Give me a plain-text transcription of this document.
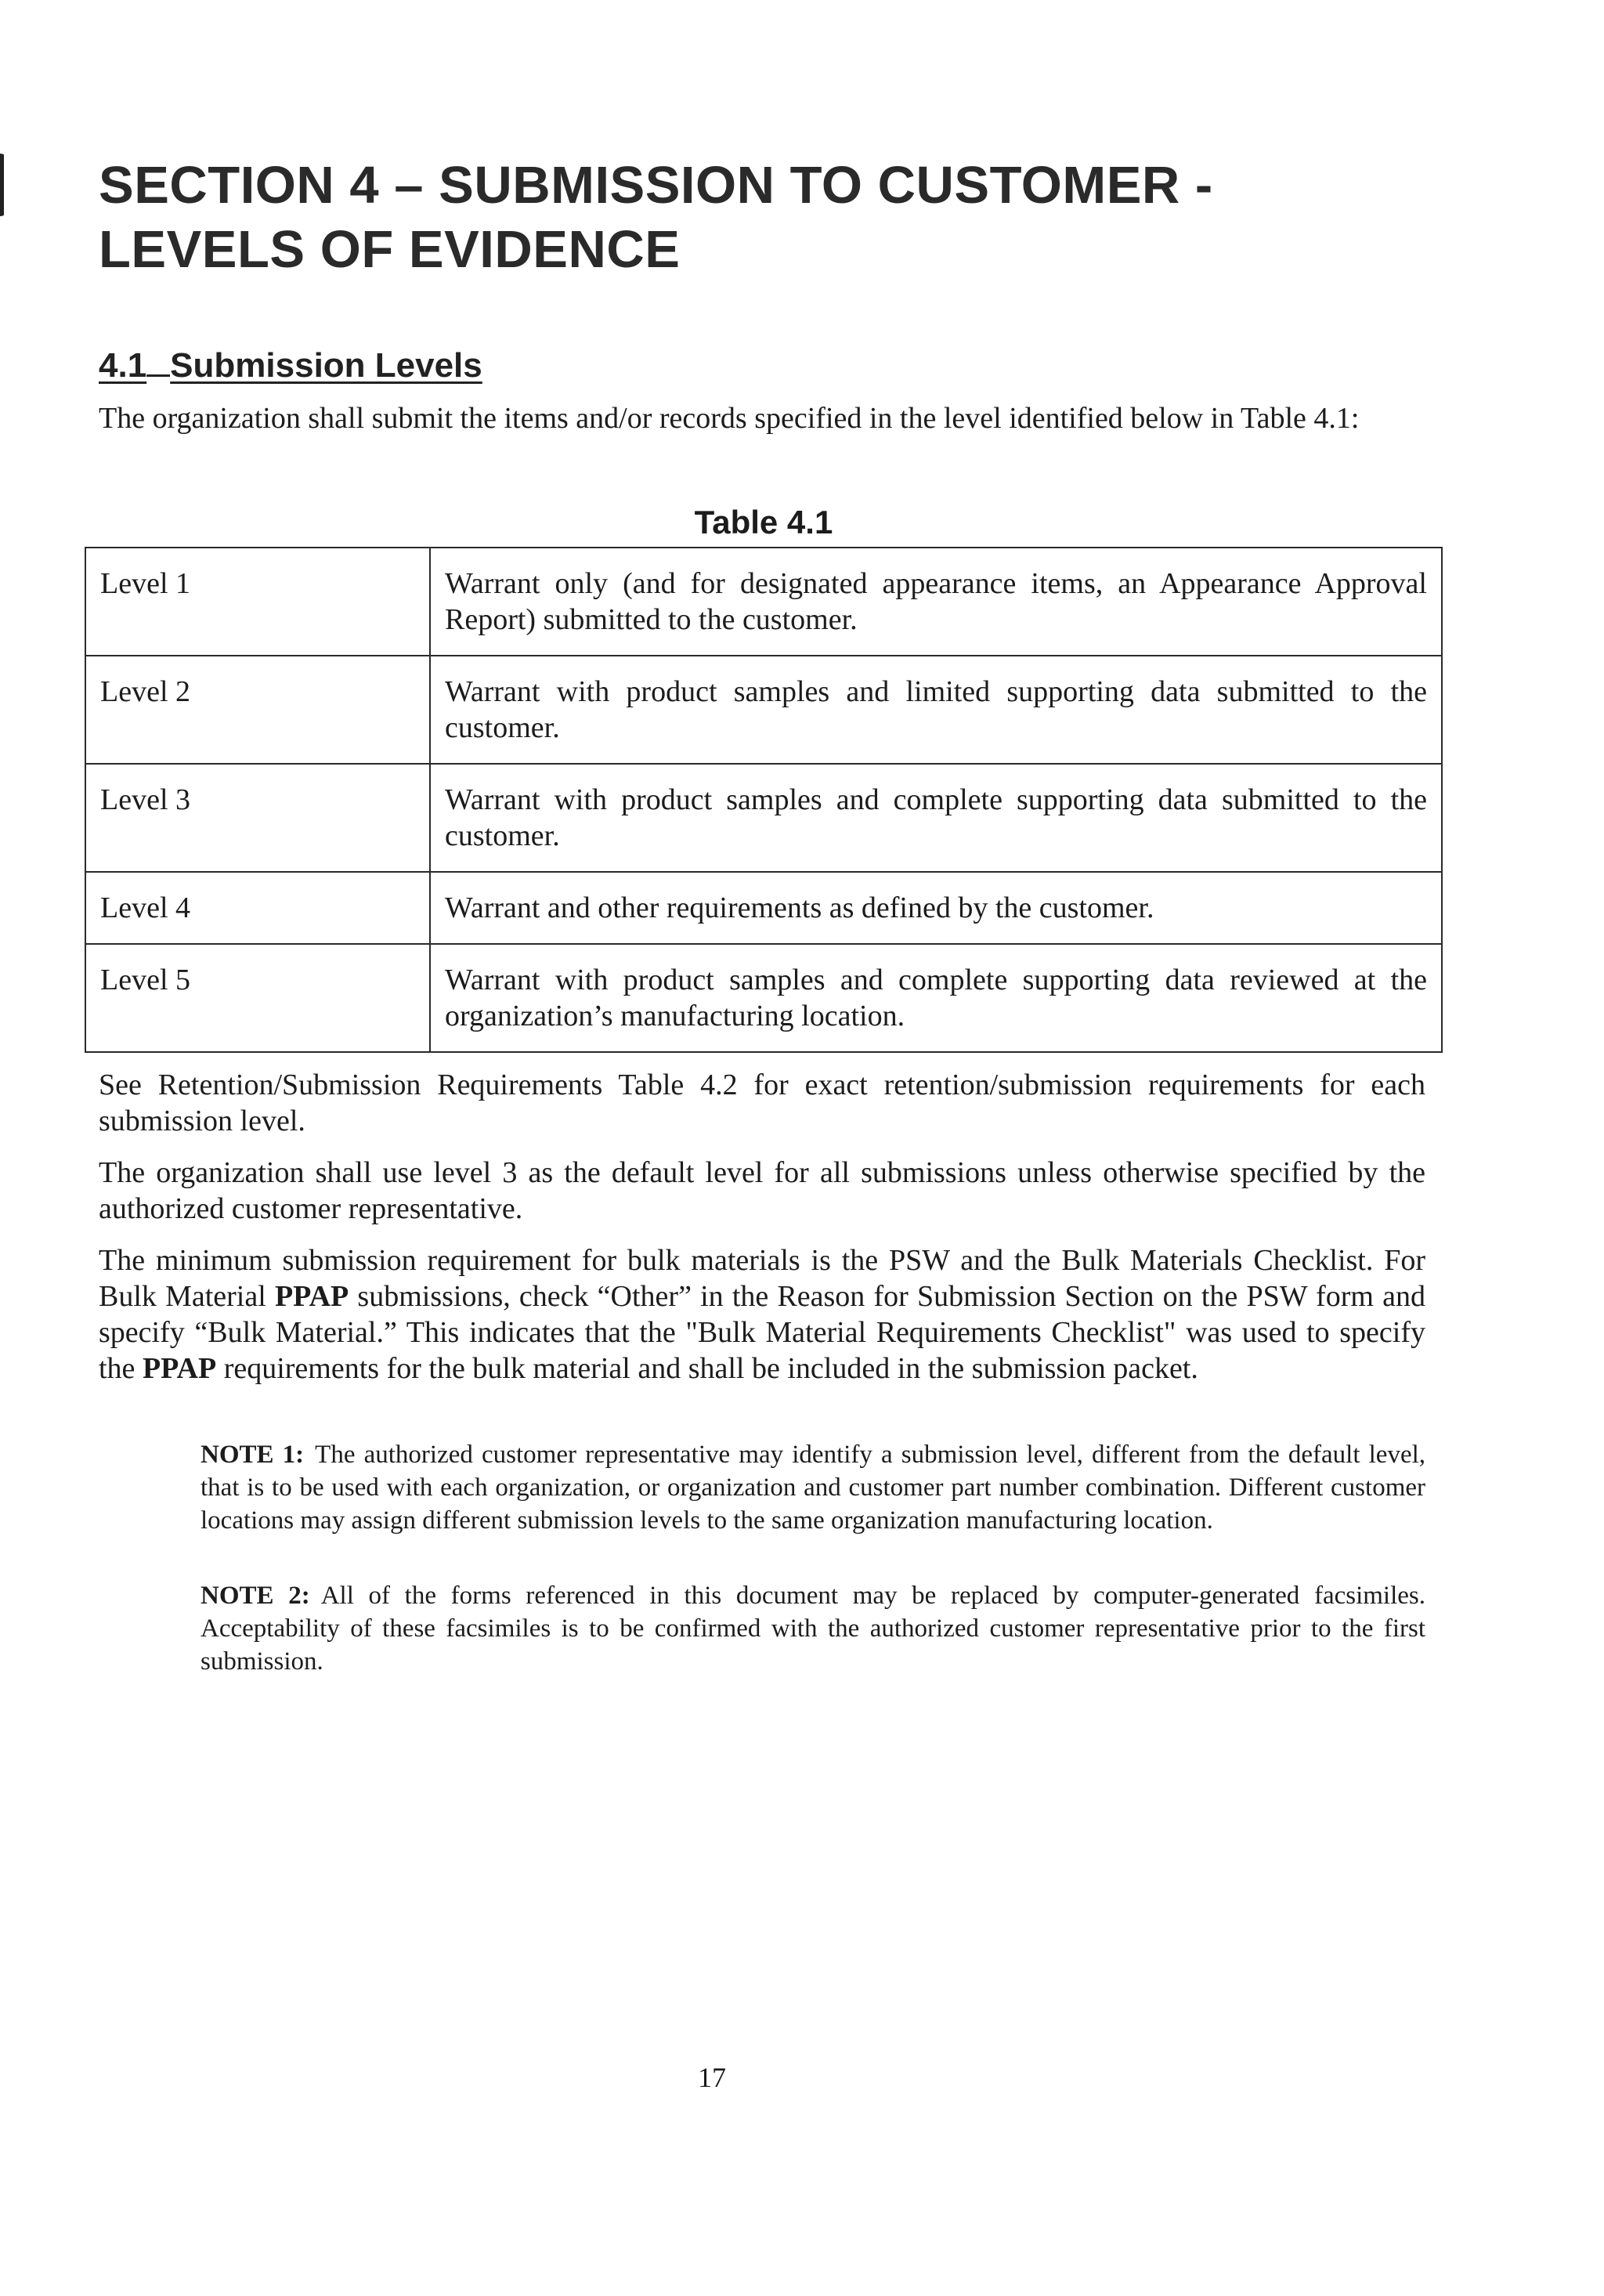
SECTION 4 – SUBMISSION TO CUSTOMER - LEVELS OF EVIDENCE
4.1 Submission Levels

The organization shall submit the items and/or records specified in the level identified below in Table 4.1:

Table 4.1
Level 1	Warrant only (and for designated appearance items, an Appearance Approval Report) submitted to the customer.
Level 2	Warrant with product samples and limited supporting data submitted to the customer.
Level 3	Warrant with product samples and complete supporting data submitted to the customer.
Level 4	Warrant and other requirements as defined by the customer.
Level 5	Warrant with product samples and complete supporting data reviewed at the organization’s manufacturing location.

See Retention/Submission Requirements Table 4.2 for exact retention/submission requirements for each submission level.

The organization shall use level 3 as the default level for all submissions unless otherwise specified by the authorized customer representative.

The minimum submission requirement for bulk materials is the PSW and the Bulk Materials Checklist. For Bulk Material PPAP submissions, check “Other” in the Reason for Submission Section on the PSW form and specify “Bulk Material.” This indicates that the "Bulk Material Requirements Checklist" was used to specify the PPAP requirements for the bulk material and shall be included in the submission packet.

NOTE 1: The authorized customer representative may identify a submission level, different from the default level, that is to be used with each organization, or organization and customer part number combination. Different customer locations may assign different submission levels to the same organization manufacturing location.

NOTE 2: All of the forms referenced in this document may be replaced by computer-generated facsimiles. Acceptability of these facsimiles is to be confirmed with the authorized customer representative prior to the first submission.

17
